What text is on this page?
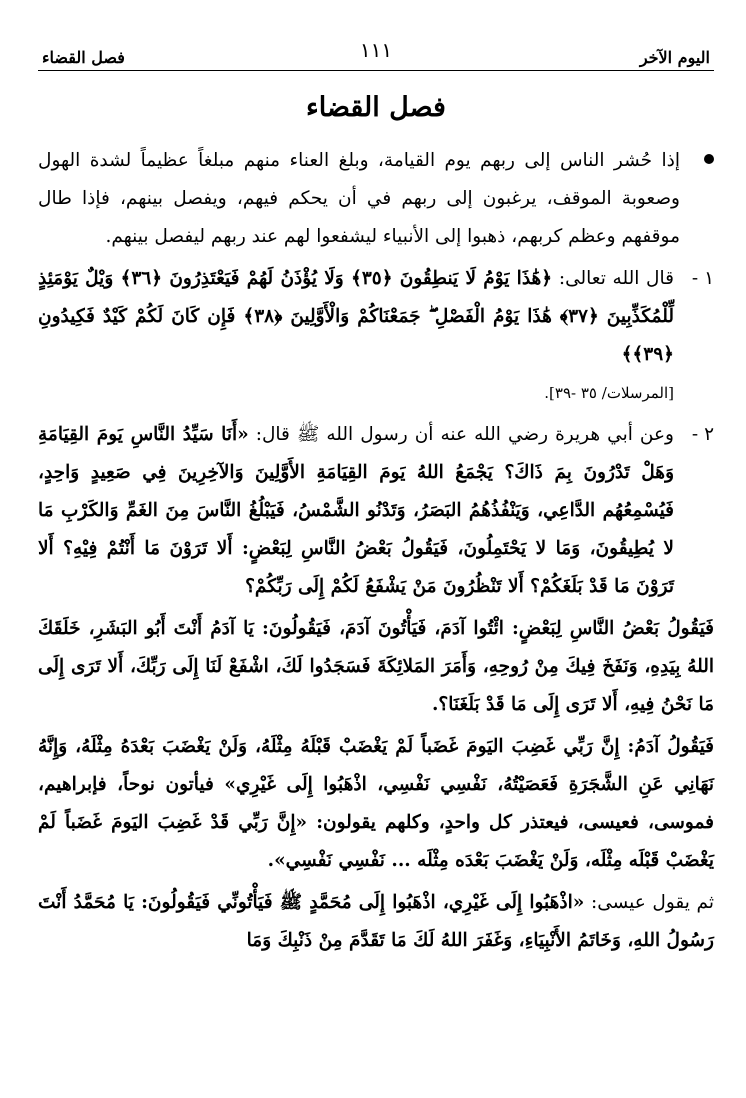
اليوم الآخر
١١١
فصل القضاء
فصل القضاء

إذا حُشر الناس إلى ربهم يوم القيامة، وبلغ العناء منهم مبلغاً عظيماً لشدة الهول وصعوبة الموقف، يرغبون إلى ربهم في أن يحكم فيهم، ويفصل بينهم، فإذا طال موقفهم وعظم كربهم، ذهبوا إلى الأنبياء ليشفعوا لهم عند ربهم ليفصل بينهم.

١ -
قال الله تعالى: ﴿هَٰذَا يَوْمُ لَا يَنطِقُونَ ﴿٣٥﴾ وَلَا يُؤْذَنُ لَهُمْ فَيَعْتَذِرُونَ ﴿٣٦﴾ وَيْلٌ يَوْمَئِذٍ لِّلْمُكَذِّبِينَ ﴿٣٧﴾ هَٰذَا يَوْمُ الْفَصْلِ ۖ جَمَعْنَاكُمْ وَالْأَوَّلِينَ ﴿٣٨﴾ فَإِن كَانَ لَكُمْ كَيْدٌ فَكِيدُونِ ﴿٣٩﴾﴾
[المرسلات/ ٣٥ -٣٩].

٢ -
وعن أبي هريرة رضي الله عنه أن رسول الله ﷺ قال: «أَنَا سَيِّدُ النَّاسِ يَومَ القِيَامَةِ وَهَلْ تَدْرُونَ بِمَ ذَاكَ؟ يَجْمَعُ اللهُ يَومَ القِيَامَةِ الأَوَّلِينَ وَالآخِرِينَ فِي صَعِيدٍ وَاحِدٍ، فَيُسْمِعُهُم الدَّاعِي، وَيَنْفُذُهُمُ البَصَرُ، وَتَدْنُو الشَّمْسُ، فَيَبْلُغُ النَّاسَ مِنَ الغَمِّ وَالكَرْبِ مَا لا يُطِيقُونَ، وَمَا لا يَحْتَمِلُونَ، فَيَقُولُ بَعْضُ النَّاسِ لِبَعْضٍ: أَلا تَرَوْنَ مَا أَنْتُمْ فِيْهِ؟ أَلا تَرَوْنَ مَا قَدْ بَلَغَكُمْ؟ أَلا تَنْظُرُونَ مَنْ يَشْفَعُ لَكُمْ إِلَى رَبِّكُمْ؟

فَيَقُولُ بَعْضُ النَّاسِ لِبَعْضٍ: ائْتُوا آدَمَ، فَيَأْتُونَ آدَمَ، فَيَقُولُونَ: يَا آدَمُ أَنْتَ أَبُو البَشَرِ، خَلَقَكَ اللهُ بِيَدِهِ، وَنَفَخَ فِيكَ مِنْ رُوحِهِ، وَأَمَرَ المَلائِكَةَ فَسَجَدُوا لَكَ، اشْفَعْ لَنَا إِلَى رَبِّكَ، أَلا تَرَى إِلَى مَا نَحْنُ فِيهِ، أَلا تَرَى إِلَى مَا قَدْ بَلَغَنَا؟.

فَيَقُولُ آدَمُ: إِنَّ رَبِّي غَضِبَ اليَومَ غَضَباً لَمْ يَغْضَبْ قَبْلَهُ مِثْلَهُ، وَلَنْ يَغْضَبَ بَعْدَهُ مِثْلَهُ، وَإِنَّهُ نَهَانِي عَنِ الشَّجَرَةِ فَعَصَيْتُهُ، نَفْسِي نَفْسِي، اذْهَبُوا إِلَى غَيْرِي» فيأتون نوحاً، فإبراهيم، فموسى، فعيسى، فيعتذر كل واحدٍ، وكلهم يقولون: «إِنَّ رَبِّي قَدْ غَضِبَ اليَومَ غَضَباً لَمْ يَغْضَبْ قَبْلَه مِثْلَه، وَلَنْ يَغْضَبَ بَعْدَه مِثْلَه ... نَفْسِي نَفْسِي».

ثم يقول عيسى: «اذْهَبُوا إِلَى غَيْرِي، اذْهَبُوا إِلَى مُحَمَّدٍ ﷺ فَيَأْتُونِّي فَيَقُولُونَ: يَا مُحَمَّدُ أَنْتَ رَسُولُ اللهِ، وَخَاتَمُ الأَنْبِيَاءِ، وَغَفَرَ اللهُ لَكَ مَا تَقَدَّمَ مِنْ ذَنْبِكَ وَمَا
